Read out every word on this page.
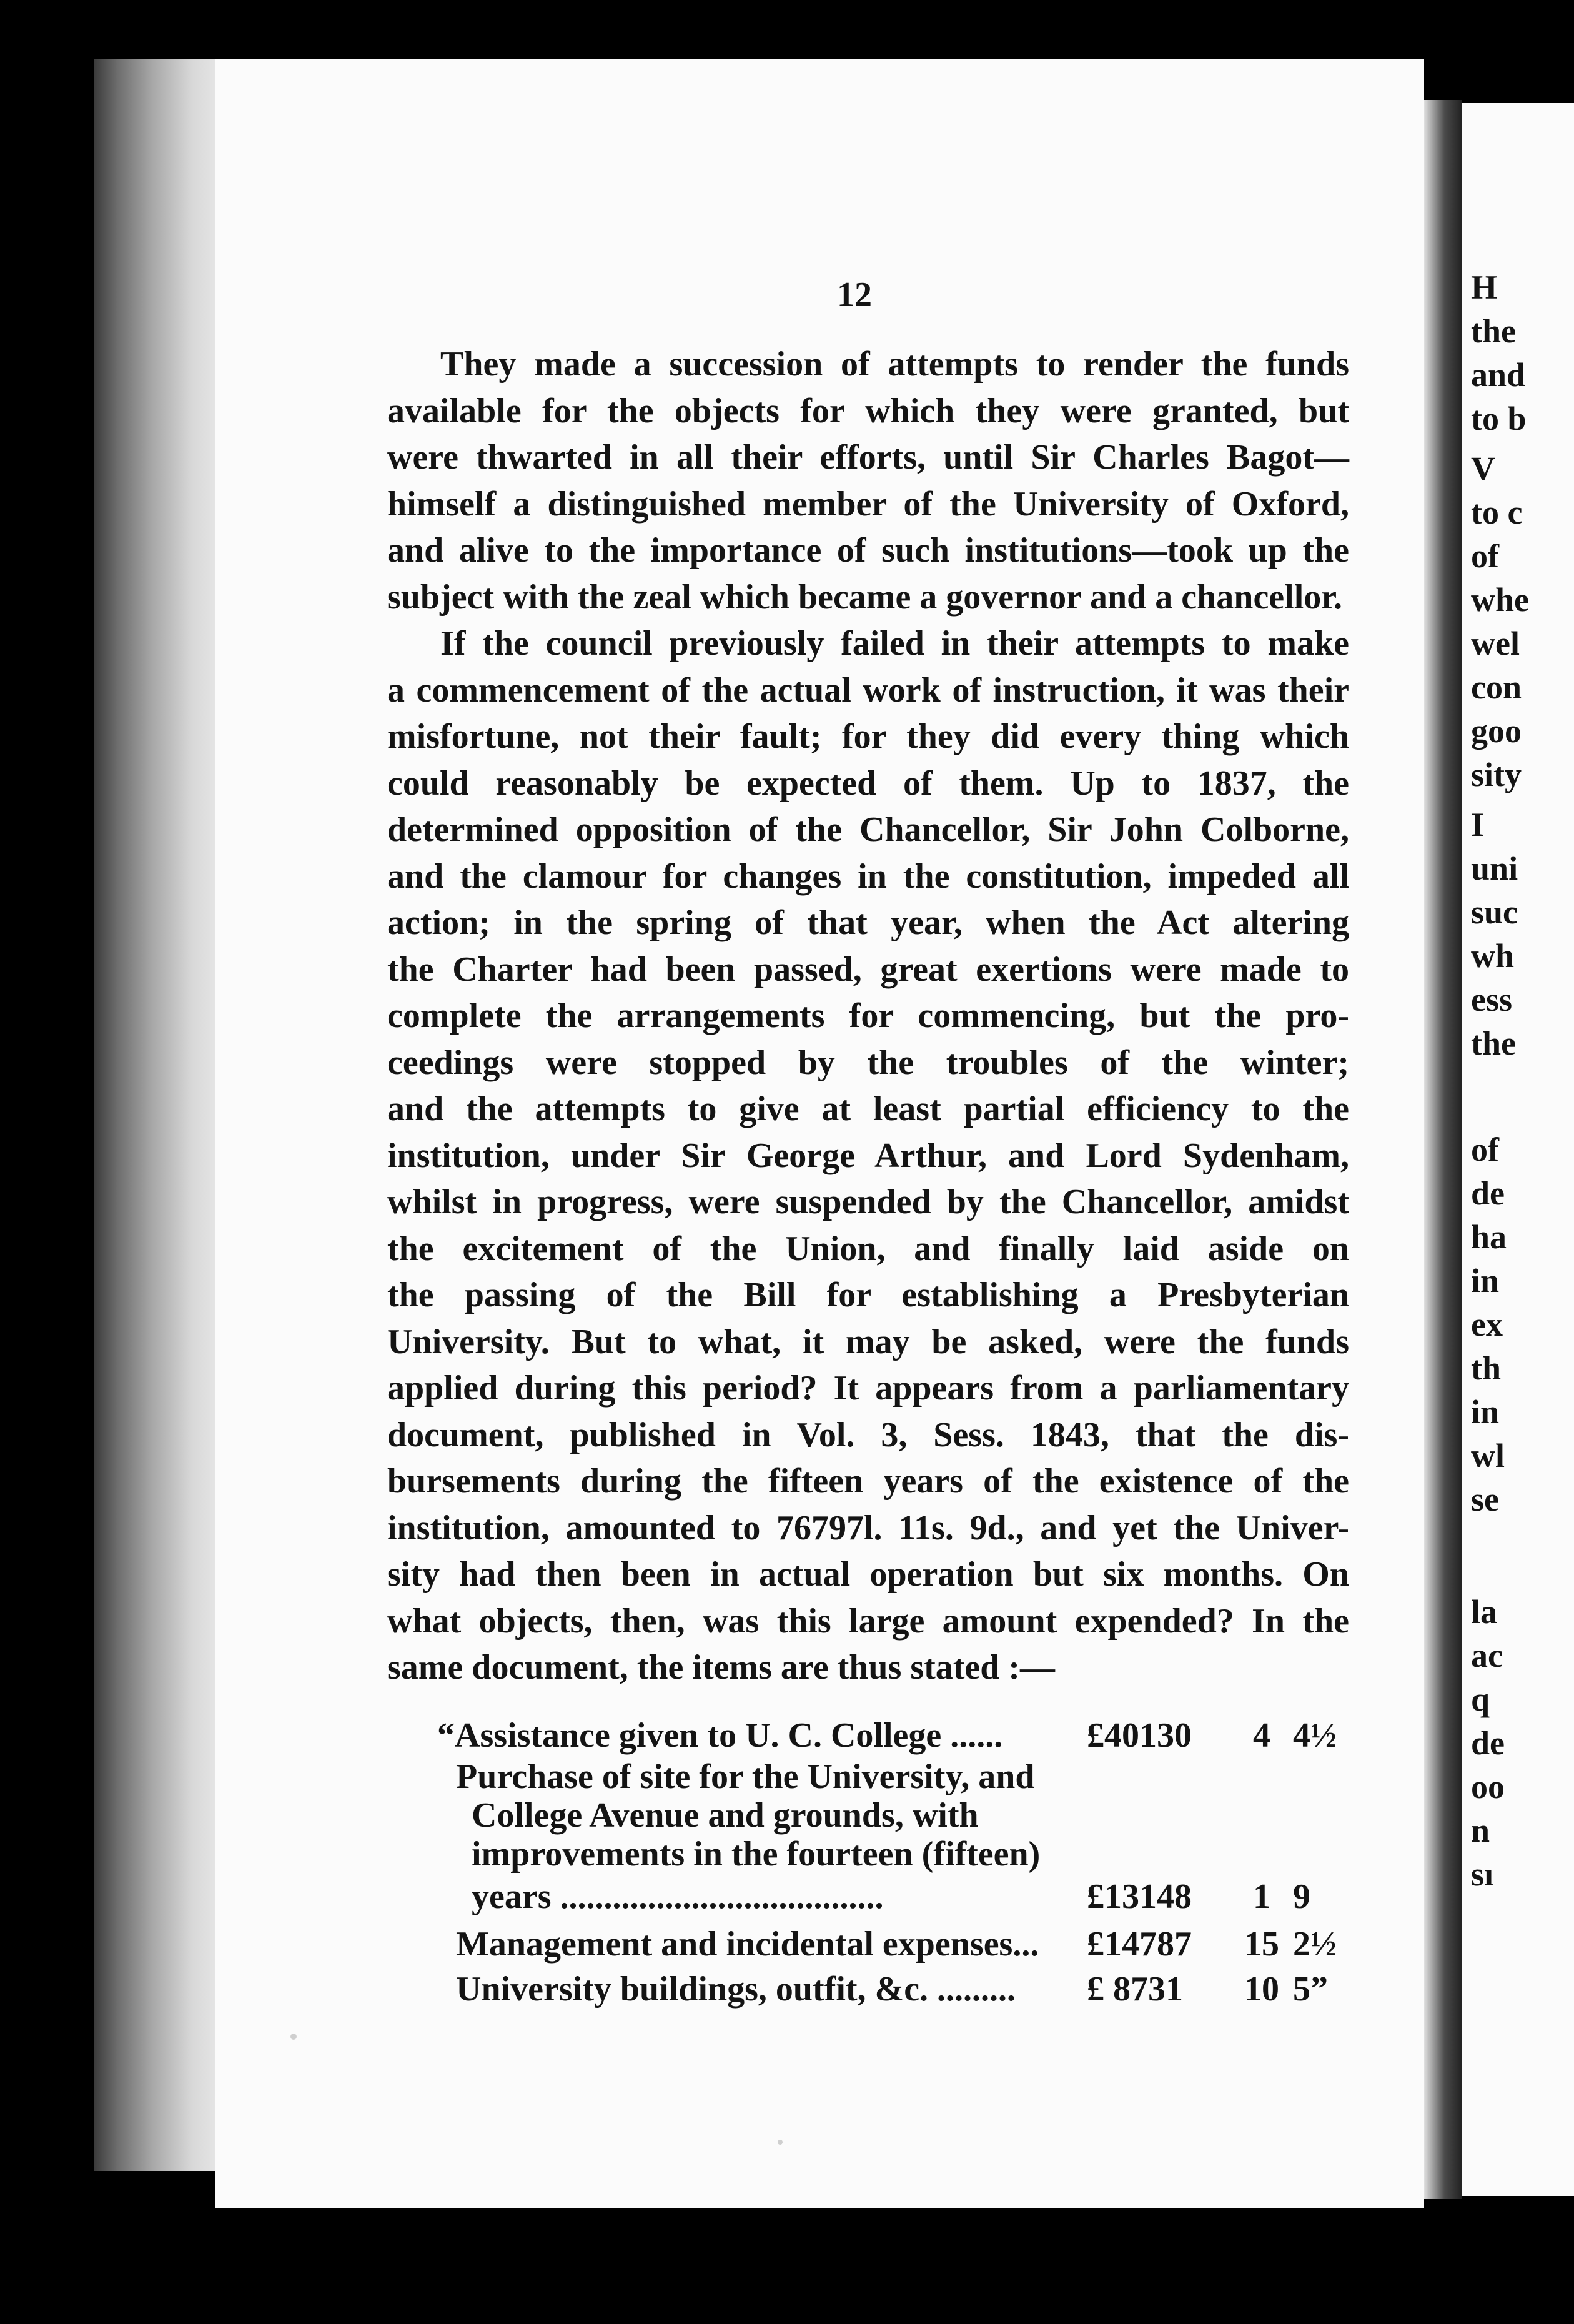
H
the
and
to b
V
to c
of
whe
wel
con
goo
sity
I
uni
suc
wh
ess
the
of
de
ha
in
ex
th
in
wl
se
la
ac
q
de
oo
n
sı
12
They made a succession of attempts to render the funds
available for the objects for which they were granted, but
were thwarted in all their efforts, until Sir Charles Bagot—
himself a distinguished member of the University of Oxford,
and alive to the importance of such institutions—took up the
subject with the zeal which became a governor and a chancellor.
If the council previously failed in their attempts to make
a commencement of the actual work of instruction, it was their
misfortune, not their fault; for they did every thing which
could reasonably be expected of them. Up to 1837, the
determined opposition of the Chancellor, Sir John Colborne,
and the clamour for changes in the constitution, impeded all
action; in the spring of that year, when the Act altering
the Charter had been passed, great exertions were made to
complete the arrangements for commencing, but the pro-
ceedings were stopped by the troubles of the winter;
and the attempts to give at least partial efficiency to the
institution, under Sir George Arthur, and Lord Sydenham,
whilst in progress, were suspended by the Chancellor, amidst
the excitement of the Union, and finally laid aside on
the passing of the Bill for establishing a Presbyterian
University. But to what, it may be asked, were the funds
applied during this period? It appears from a parliamentary
document, published in Vol. 3, Sess. 1843, that the dis-
bursements during the fifteen years of the existence of the
institution, amounted to 76797l. 11s. 9d., and yet the Univer-
sity had then been in actual operation but six months. On
what objects, then, was this large amount expended? In the
same document, the items are thus stated :—
“Assistance given to U. C. College ...... £40130	4 4½
Purchase of site for the University, and
College Avenue and grounds, with
improvements in the fourteen (fifteen)
years .....................................	£13148	1 9
Management and incidental expenses... £14787 15 2½
University buildings, outfit, &c. ......... £ 8731 10 5”
